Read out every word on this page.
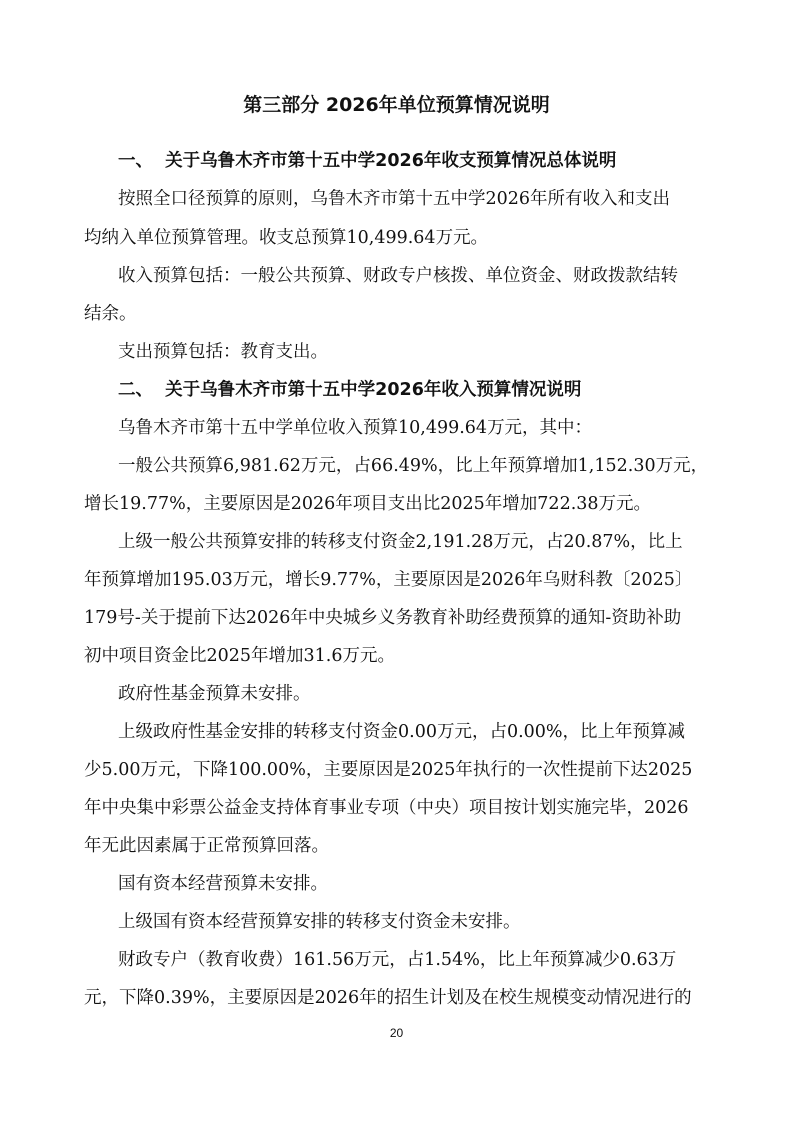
第三部分 2026年单位预算情况说明
一、  关于乌鲁木齐市第十五中学2026年收支预算情况总体说明
按照全口径预算的原则，乌鲁木齐市第十五中学2026年所有收入和支出
均纳入单位预算管理。收支总预算10,499.64万元。
收入预算包括：一般公共预算、财政专户核拨、单位资金、财政拨款结转
结余。
支出预算包括：教育支出。
二、  关于乌鲁木齐市第十五中学2026年收入预算情况说明
乌鲁木齐市第十五中学单位收入预算10,499.64万元，其中：
一般公共预算6,981.62万元，占66.49%，比上年预算增加1,152.30万元，
增长19.77%，主要原因是2026年项目支出比2025年增加722.38万元。
上级一般公共预算安排的转移支付资金2,191.28万元，占20.87%，比上
年预算增加195.03万元，增长9.77%，主要原因是2026年乌财科教〔2025〕
179号-关于提前下达2026年中央城乡义务教育补助经费预算的通知-资助补助
初中项目资金比2025年增加31.6万元。
政府性基金预算未安排。
上级政府性基金安排的转移支付资金0.00万元，占0.00%，比上年预算减
少5.00万元，下降100.00%，主要原因是2025年执行的一次性提前下达2025
年中央集中彩票公益金支持体育事业专项（中央）项目按计划实施完毕，2026
年无此因素属于正常预算回落。
国有资本经营预算未安排。
上级国有资本经营预算安排的转移支付资金未安排。
财政专户（教育收费）161.56万元，占1.54%，比上年预算减少0.63万
元，下降0.39%，主要原因是2026年的招生计划及在校生规模变动情况进行的
20
